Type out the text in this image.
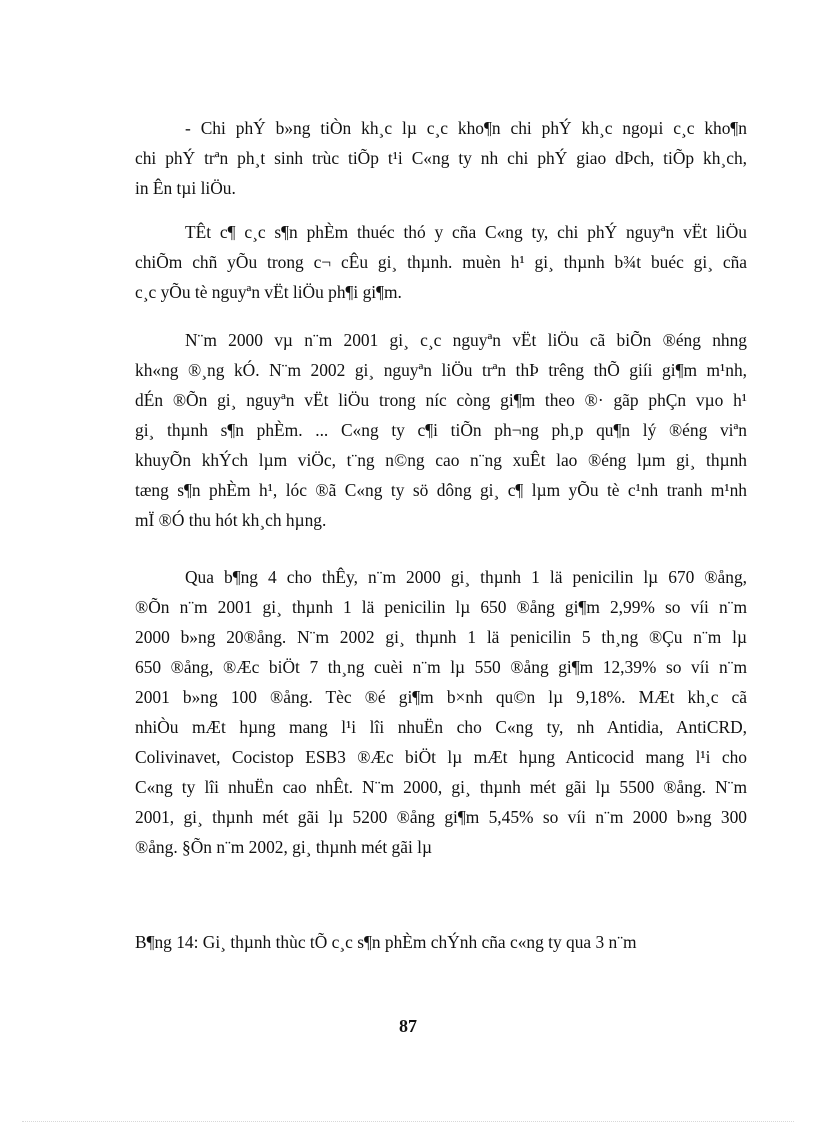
- Chi phÝ b»ng tiÒn kh¸c lµ c¸c kho¶n chi phÝ kh¸c ngoµi c¸c kho¶n
chi phÝ trªn ph¸t sinh trùc tiÕp t¹i C«ng ty nh chi phÝ giao dÞch, tiÕp kh¸ch,
in Ên tµi liÖu.
TÊt c¶ c¸c s¶n phÈm thuéc thó y cña C«ng ty, chi phÝ nguyªn vËt liÖu
chiÕm chñ yÕu trong c¬ cÊu gi¸ thµnh. muèn h¹ gi¸ thµnh b¾t buéc gi¸ cña
c¸c yÕu tè nguyªn vËt liÖu ph¶i gi¶m.
N¨m 2000 vµ n¨m 2001 gi¸ c¸c nguyªn vËt liÖu cã biÕn ®éng nhng
kh«ng ®¸ng kÓ. N¨m 2002 gi¸ nguyªn liÖu trªn thÞ trêng thÕ giíi gi¶m m¹nh,
dÉn ®Õn gi¸ nguyªn vËt liÖu trong níc còng gi¶m theo ®· gãp phÇn vµo h¹
gi¸ thµnh s¶n phÈm. ... C«ng ty c¶i tiÕn ph¬ng ph¸p qu¶n lý ®éng viªn
khuyÕn khÝch lµm viÖc, t¨ng n©ng cao n¨ng xuÊt lao ®éng lµm gi¸ thµnh
tæng s¶n phÈm h¹, lóc ®ã C«ng ty sö dông gi¸ c¶ lµm yÕu tè c¹nh tranh m¹nh
mÏ ®Ó thu hót kh¸ch hµng.
Qua b¶ng 4 cho thÊy, n¨m 2000 gi¸ thµnh 1 lä penicilin lµ 670 ®ång,
®Õn n¨m 2001 gi¸ thµnh 1 lä penicilin lµ 650 ®ång gi¶m 2,99% so víi n¨m
2000 b»ng 20®ång. N¨m 2002 gi¸ thµnh 1 lä penicilin 5 th¸ng ®Çu n¨m lµ
650 ®ång, ®Æc biÖt 7 th¸ng cuèi n¨m lµ 550 ®ång gi¶m 12,39% so víi n¨m
2001 b»ng 100 ®ång. Tèc ®é gi¶m b×nh qu©n lµ 9,18%. MÆt kh¸c cã
nhiÒu mÆt hµng mang l¹i lîi nhuËn cho C«ng ty, nh Antidia, AntiCRD,
Colivinavet, Cocistop ESB3 ®Æc biÖt lµ mÆt hµng Anticocid mang l¹i cho
C«ng ty lîi nhuËn cao nhÊt. N¨m 2000, gi¸ thµnh mét gãi lµ 5500 ®ång. N¨m
2001, gi¸ thµnh mét gãi lµ 5200 ®ång gi¶m 5,45% so víi n¨m 2000 b»ng 300
®ång. §Õn n¨m 2002, gi¸ thµnh mét gãi lµ

B¶ng 14: Gi¸ thµnh thùc tÕ c¸c s¶n phÈm chÝnh cña c«ng ty qua 3 n¨m

87
